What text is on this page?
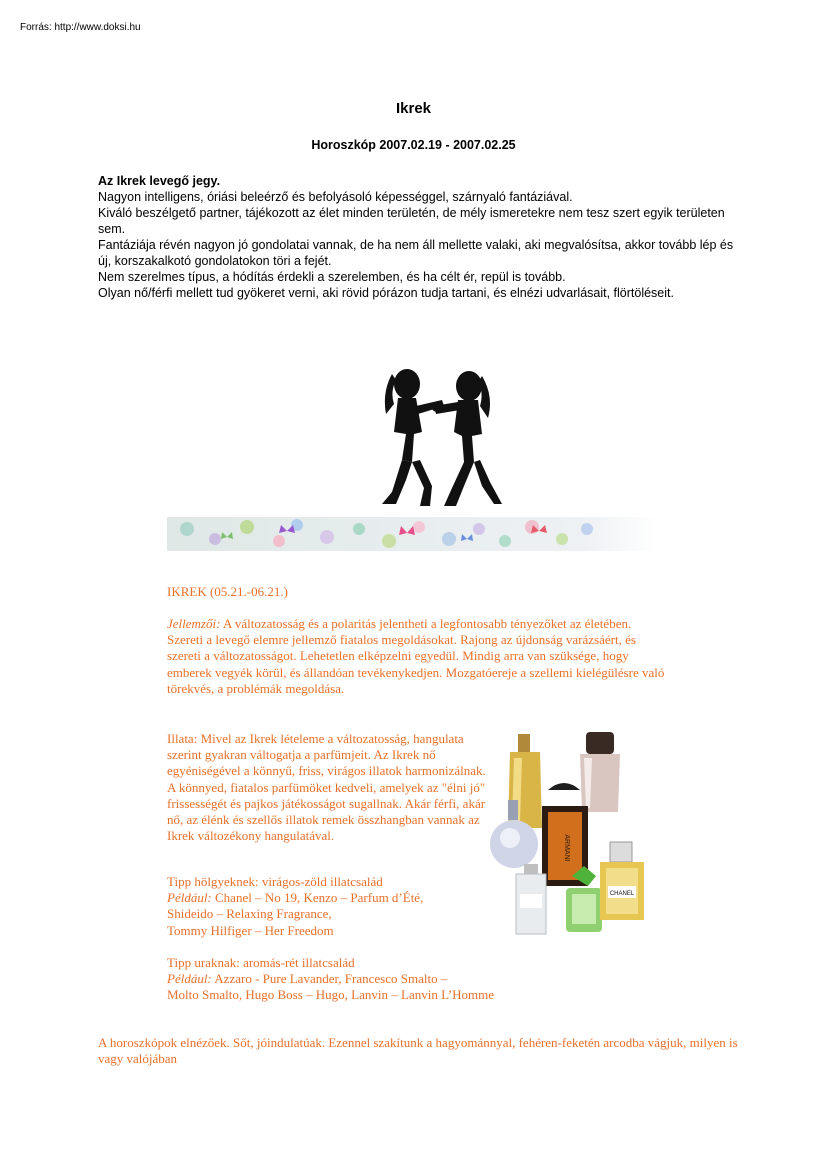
Forrás: http://www.doksi.hu
Ikrek
Horoszkóp 2007.02.19 - 2007.02.25

Az Ikrek levegő jegy.

Nagyon intelligens, óriási beleérző és befolyásoló képességgel, szárnyaló fantáziával.

Kiváló beszélgető partner, tájékozott az élet minden területén, de mély ismeretekre nem tesz szert egyik területen sem.

Fantáziája révén nagyon jó gondolatai vannak, de ha nem áll mellette valaki, aki megvalósítsa, akkor tovább lép és új, korszakalkotó gondolatokon töri a fejét.

Nem szerelmes típus, a hódítás érdekli a szerelemben, és ha célt ér, repül is tovább.

Olyan nő/férfi mellett tud gyökeret verni, aki rövid pórázon tudja tartani, és elnézi udvarlásait, flörtöléseit.

IKREK (05.21.-06.21.)

Jellemzői: A változatosság és a polaritás jelentheti a legfontosabb tényezőket az életében. Szereti a levegő elemre jellemző fiatalos megoldásokat. Rajong az újdonság varázsáért, és szereti a változatosságot. Lehetetlen elképzelni egyedül. Mindig arra van szüksége, hogy emberek vegyék körül, és állandóan tevékenykedjen. Mozgatóereje a szellemi kielégülésre való törekvés, a problémák megoldása.

Illata: Mivel az Ikrek lételeme a változatosság, hangulata szerint gyakran váltogatja a parfümjeit. Az Ikrek nő egyéniségével a könnyű, friss, virágos illatok harmonizálnak. A könnyed, fiatalos parfümöket kedveli, amelyek az "élni jó" frissességét és pajkos játékosságot sugallnak. Akár férfi, akár nő, az élénk és szellős illatok remek összhangban vannak az Ikrek változékony hangulatával.

Tipp hölgyeknek: virágos-zöld illatcsalád
Például: Chanel – No 19, Kenzo – Parfum d’Été,
Shideido – Relaxing Fragrance,
Tommy Hilfiger – Her Freedom

Tipp uraknak: aromás-rét illatcsalád
Például: Azzaro - Pure Lavander, Francesco Smalto –
Molto Smalto, Hugo Boss – Hugo, Lanvin – Lanvin L’Homme

ARMANI
CHANEL

A horoszkópok elnézőek. Sőt, jóindulatúak. Ezennel szakítunk a hagyománnyal, fehéren-feketén arcodba vágjuk, milyen is vagy valójában
